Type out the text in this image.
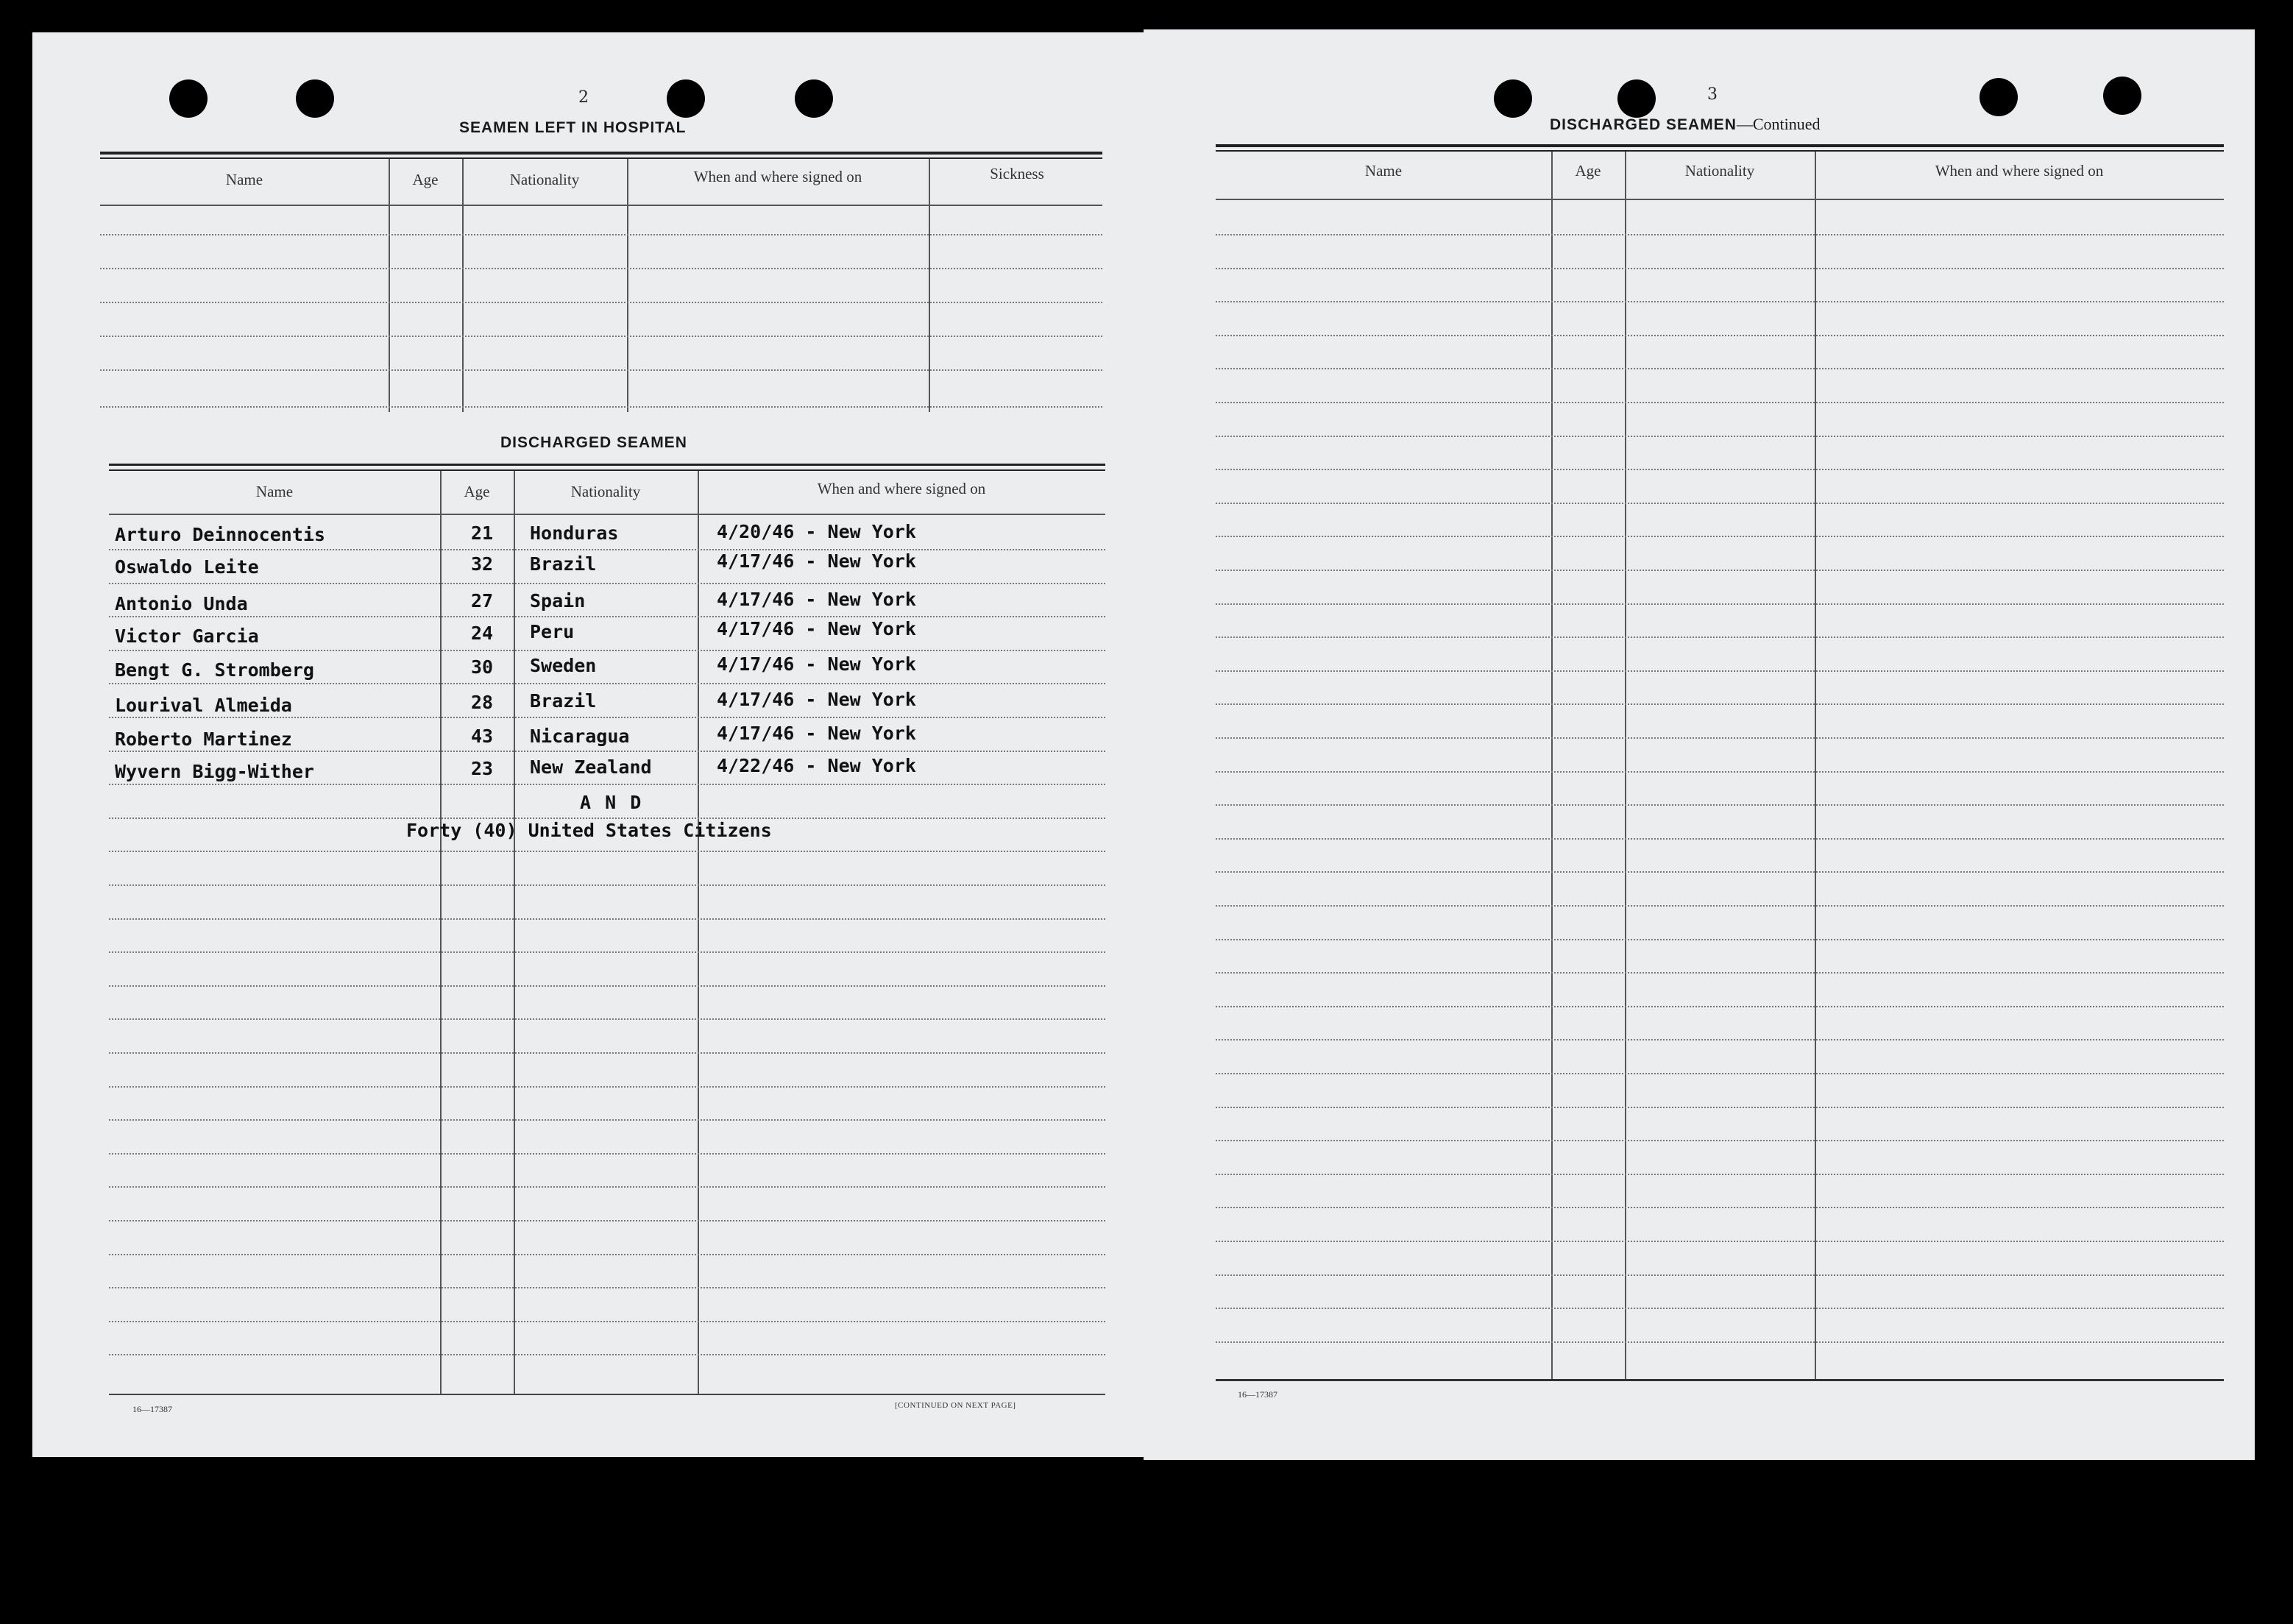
2
SEAMEN LEFT IN HOSPITAL
Name	Age	Nationality	When and where signed on	Sickness
DISCHARGED SEAMEN
Name	Age	Nationality	When and where signed on
Arturo Deinnocentis	21 Honduras	4/20/46 - New York
Oswaldo Leite	32 Brazil	4/17/46 - New York
Antonio Unda	27 Spain	4/17/46 - New York
Victor Garcia	24 Peru	4/17/46 - New York
Bengt G. Stromberg	30 Sweden	4/17/46 - New York
Lourival Almeida	28 Brazil	4/17/46 - New York
Roberto Martinez	43 Nicaragua	4/17/46 - New York
Wyvern Bigg-Wither	23 New Zealand	4/22/46 - New York
A N D
Forty (40) United States Citizens
16—17387	[CONTINUED ON NEXT PAGE]
3
DISCHARGED SEAMEN—Continued
Name	Age	Nationality	When and where signed on
16—17387
